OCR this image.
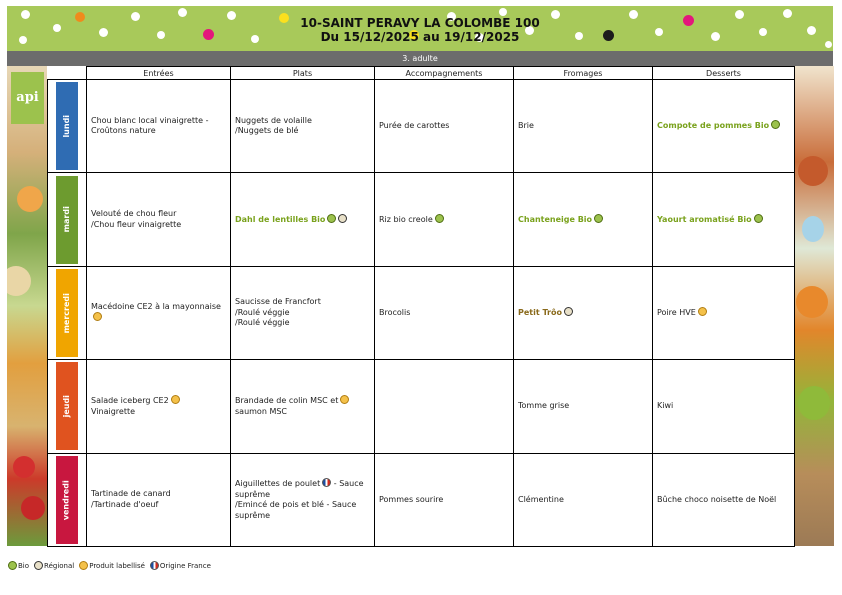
10-SAINT PERAVY LA COLOMBE 100
Du 15/12/2025 au 19/12/2025
3. adulte
api
	Entrées	Plats	Accompagnements	Fromages	Desserts

lundi	Chou blanc local vinaigrette -
Croûtons nature	Nuggets de volaille
/Nuggets de blé	Purée de carottes	Brie	Compote de pommes Bio

mardi	Velouté de chou fleur
/Chou fleur vinaigrette	Dahl de lentilles Bio	Riz bio creole	Chanteneige Bio	Yaourt aromatisé Bio

mercredi	Macédoine CE2 à la mayonnaise	Saucisse de Francfort
/Roulé véggie
/Roulé véggie	Brocolis	Petit Trôo	Poire HVE

jeudi	Salade iceberg CE2
Vinaigrette	Brandade de colin MSC et
saumon MSC		Tomme grise	Kiwi

vendredi	Tartinade de canard
/Tartinade d'oeuf	Aiguillettes de poulet - Sauce
suprême
/Emincé de pois et blé - Sauce
suprême	Pommes sourire	Clémentine	Bûche choco noisette de Noël
Bio Régional Produit labellisé Origine France
